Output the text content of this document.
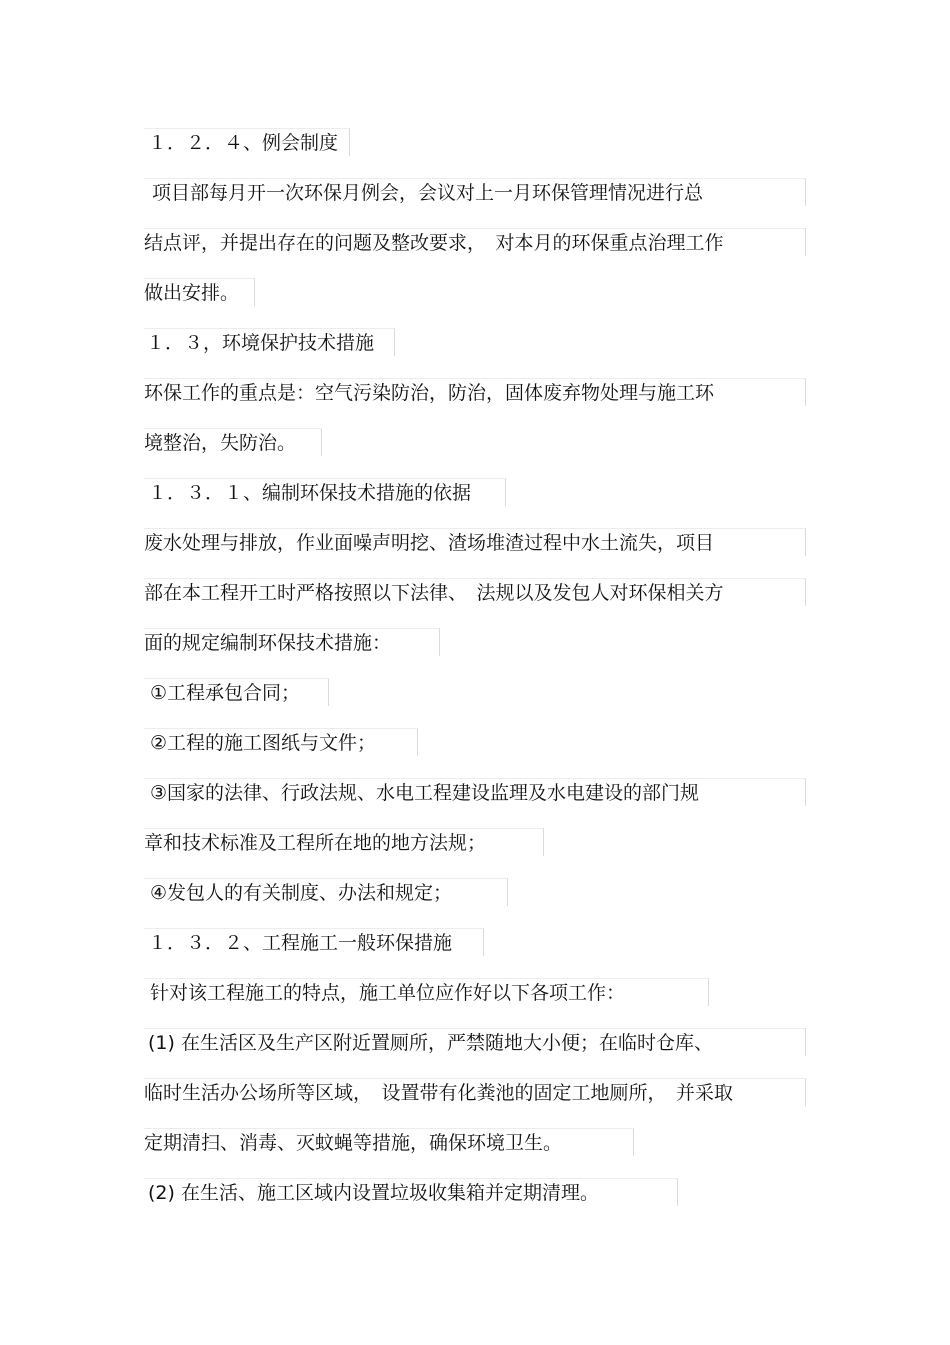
１．２．４、例会制度
项目部每月开一次环保月例会，会议对上一月环保管理情况进行总
结点评，并提出存在的问题及整改要求，　对本月的环保重点治理工作
做出安排。
１．３，环境保护技术措施
环保工作的重点是：空气污染防治，防治，固体废弃物处理与施工环
境整治，失防治。
１．３．１、编制环保技术措施的依据
废水处理与排放，作业面噪声明挖、渣场堆渣过程中水土流失，项目
部在本工程开工时严格按照以下法律、　法规以及发包人对环保相关方
面的规定编制环保技术措施：
①工程承包合同；
②工程的施工图纸与文件；
③国家的法律、行政法规、水电工程建设监理及水电建设的部门规
章和技术标准及工程所在地的地方法规；
④发包人的有关制度、办法和规定；
１．３．２、工程施工一般环保措施
针对该工程施工的特点，施工单位应作好以下各项工作：
(1) 在生活区及生产区附近置厕所，严禁随地大小便；在临时仓库、
临时生活办公场所等区域，　设置带有化粪池的固定工地厕所，　并采取
定期清扫、消毒、灭蚊蝇等措施，确保环境卫生。
(2) 在生活、施工区域内设置垃圾收集箱并定期清理。
